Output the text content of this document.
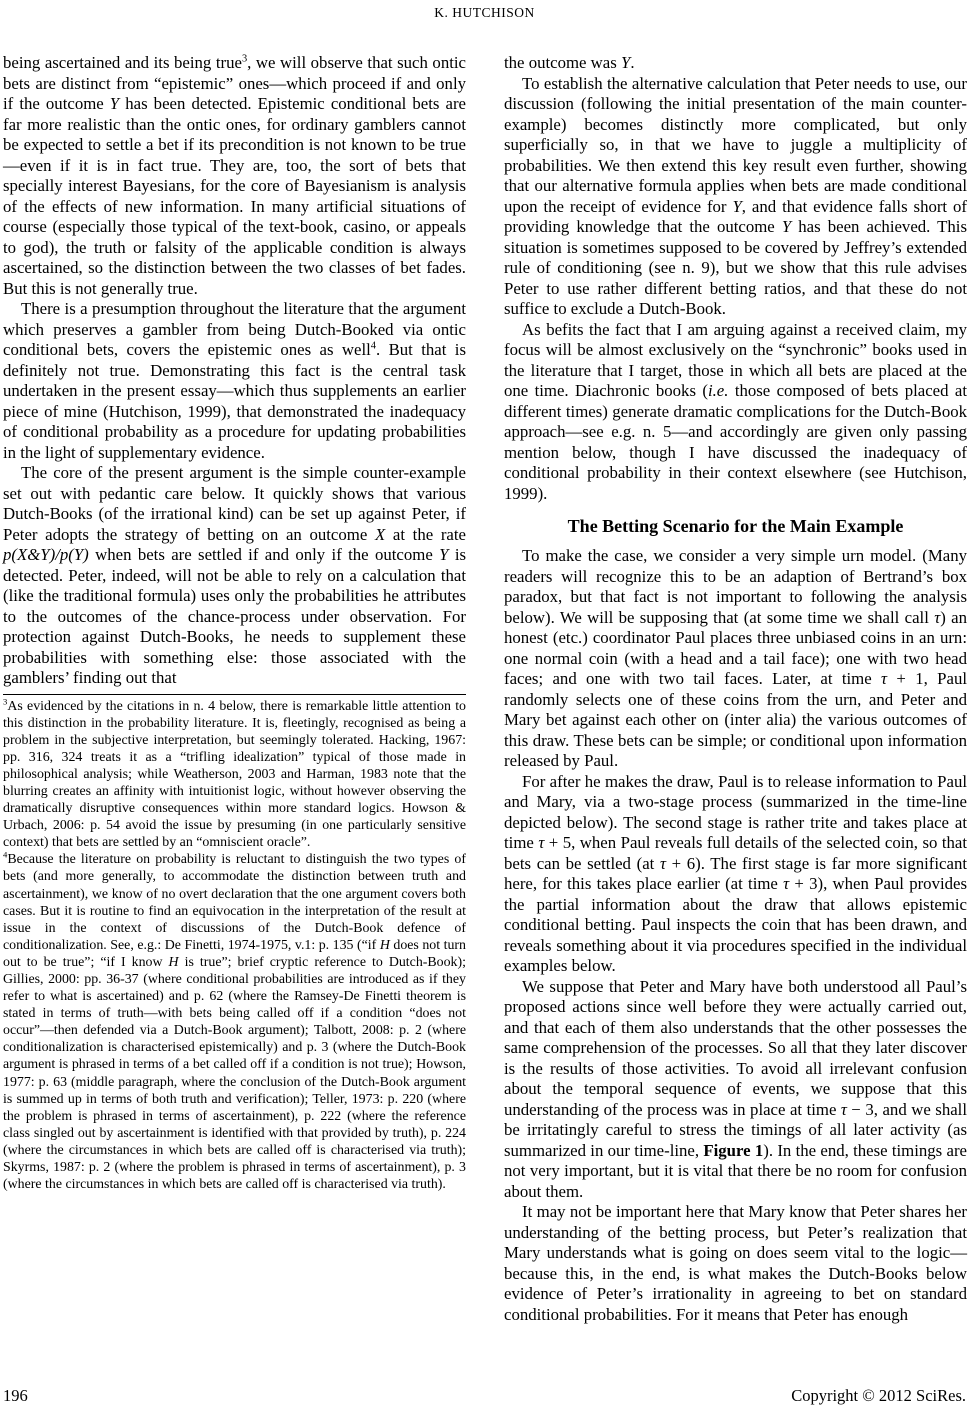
K. HUTCHISON

being ascertained and its being true$^3$, we will observe that such ontic bets are distinct from “epistemic” ones—which proceed if and only if the outcome Y has been detected. Epistemic conditional bets are far more realistic than the ontic ones, for ordinary gamblers cannot be expected to settle a bet if its precondition is not known to be true—even if it is in fact true. They are, too, the sort of bets that specially interest Bayesians, for the core of Bayesianism is analysis of the effects of new information. In many artificial situations of course (especially those typical of the text-book, casino, or appeals to god), the truth or falsity of the applicable condition is always ascertained, so the distinction between the two classes of bet fades. But this is not generally true.

There is a presumption throughout the literature that the argument which preserves a gambler from being Dutch-Booked via ontic conditional bets, covers the epistemic ones as well$^4$. But that is definitely not true. Demonstrating this fact is the central task undertaken in the present essay—which thus supplements an earlier piece of mine (Hutchison, 1999), that demonstrated the inadequacy of conditional probability as a procedure for updating probabilities in the light of supplementary evidence.

The core of the present argument is the simple counter-example set out with pedantic care below. It quickly shows that various Dutch-Books (of the irrational kind) can be set up against Peter, if Peter adopts the strategy of betting on an outcome X at the rate p(X&Y)/p(Y) when bets are settled if and only if the outcome Y is detected. Peter, indeed, will not be able to rely on a calculation that (like the traditional formula) uses only the probabilities he attributes to the outcomes of the chance-process under observation. For protection against Dutch-Books, he needs to supplement these probabilities with something else: those associated with the gamblers’ finding out that

$^3$As evidenced by the citations in n. 4 below, there is remarkable little attention to this distinction in the probability literature. It is, fleetingly, recognised as being a problem in the subjective interpretation, but seemingly tolerated. Hacking, 1967: pp. 316, 324 treats it as a “trifling idealization” typical of those made in philosophical analysis; while Weatherson, 2003 and Harman, 1983 note that the blurring creates an affinity with intuitionist logic, without however observing the dramatically disruptive consequences within more standard logics. Howson & Urbach, 2006: p. 54 avoid the issue by presuming (in one particularly sensitive context) that bets are settled by an “omniscient oracle”.

$^4$Because the literature on probability is reluctant to distinguish the two types of bets (and more generally, to accommodate the distinction between truth and ascertainment), we know of no overt declaration that the one argument covers both cases. But it is routine to find an equivocation in the interpretation of the result at issue in the context of discussions of the Dutch-Book defence of conditionalization. See, e.g.: De Finetti, 1974-1975, v.1: p. 135 (“if H does not turn out to be true”; “if I know H is true”; brief cryptic reference to Dutch-Book); Gillies, 2000: pp. 36-37 (where conditional probabilities are introduced as if they refer to what is ascertained) and p. 62 (where the Ramsey-De Finetti theorem is stated in terms of truth—with bets being called off if a condition “does not occur”—then defended via a Dutch-Book argument); Talbott, 2008: p. 2 (where conditionalization is characterised epistemically) and p. 3 (where the Dutch-Book argument is phrased in terms of a bet called off if a condition is not true); Howson, 1977: p. 63 (middle paragraph, where the conclusion of the Dutch-Book argument is summed up in terms of both truth and verification); Teller, 1973: p. 220 (where the problem is phrased in terms of ascertainment), p. 222 (where the reference class singled out by ascertainment is identified with that provided by truth), p. 224 (where the circumstances in which bets are called off is characterised via truth); Skyrms, 1987: p. 2 (where the problem is phrased in terms of ascertainment), p. 3 (where the circumstances in which bets are called off is characterised via truth).

the outcome was Y.

To establish the alternative calculation that Peter needs to use, our discussion (following the initial presentation of the main counter-example) becomes distinctly more complicated, but only superficially so, in that we have to juggle a multiplicity of probabilities. We then extend this key result even further, showing that our alternative formula applies when bets are made conditional upon the receipt of evidence for Y, and that evidence falls short of providing knowledge that the outcome Y has been achieved. This situation is sometimes supposed to be covered by Jeffrey’s extended rule of conditioning (see n. 9), but we show that this rule advises Peter to use rather different betting ratios, and that these do not suffice to exclude a Dutch-Book.

As befits the fact that I am arguing against a received claim, my focus will be almost exclusively on the “synchronic” books used in the literature that I target, those in which all bets are placed at the one time. Diachronic books (i.e. those composed of bets placed at different times) generate dramatic complications for the Dutch-Book approach—see e.g. n. 5—and accordingly are given only passing mention below, though I have discussed the inadequacy of conditional probability in their context elsewhere (see Hutchison, 1999).

The Betting Scenario for the Main Example

To make the case, we consider a very simple urn model. (Many readers will recognize this to be an adaption of Bertrand’s box paradox, but that fact is not important to following the analysis below). We will be supposing that (at some time we shall call τ) an honest (etc.) coordinator Paul places three unbiased coins in an urn: one normal coin (with a head and a tail face); one with two head faces; and one with two tail faces. Later, at time τ + 1, Paul randomly selects one of these coins from the urn, and Peter and Mary bet against each other on (inter alia) the various outcomes of this draw. These bets can be simple; or conditional upon information released by Paul.

For after he makes the draw, Paul is to release information to Paul and Mary, via a two-stage process (summarized in the time-line depicted below). The second stage is rather trite and takes place at time τ + 5, when Paul reveals full details of the selected coin, so that bets can be settled (at τ + 6). The first stage is far more significant here, for this takes place earlier (at time τ + 3), when Paul provides the partial information about the draw that allows epistemic conditional betting. Paul inspects the coin that has been drawn, and reveals something about it via procedures specified in the individual examples below.

We suppose that Peter and Mary have both understood all Paul’s proposed actions since well before they were actually carried out, and that each of them also understands that the other possesses the same comprehension of the processes. So all that they later discover is the results of those activities. To avoid all irrelevant confusion about the temporal sequence of events, we suppose that this understanding of the process was in place at time τ − 3, and we shall be irritatingly careful to stress the timings of all later activity (as summarized in our time-line, Figure 1). In the end, these timings are not very important, but it is vital that there be no room for confusion about them.

It may not be important here that Mary know that Peter shares her understanding of the betting process, but Peter’s realization that Mary understands what is going on does seem vital to the logic—because this, in the end, is what makes the Dutch-Books below evidence of Peter’s irrationality in agreeing to bet on standard conditional probabilities. For it means that Peter has enough

196	Copyright © 2012 SciRes.
